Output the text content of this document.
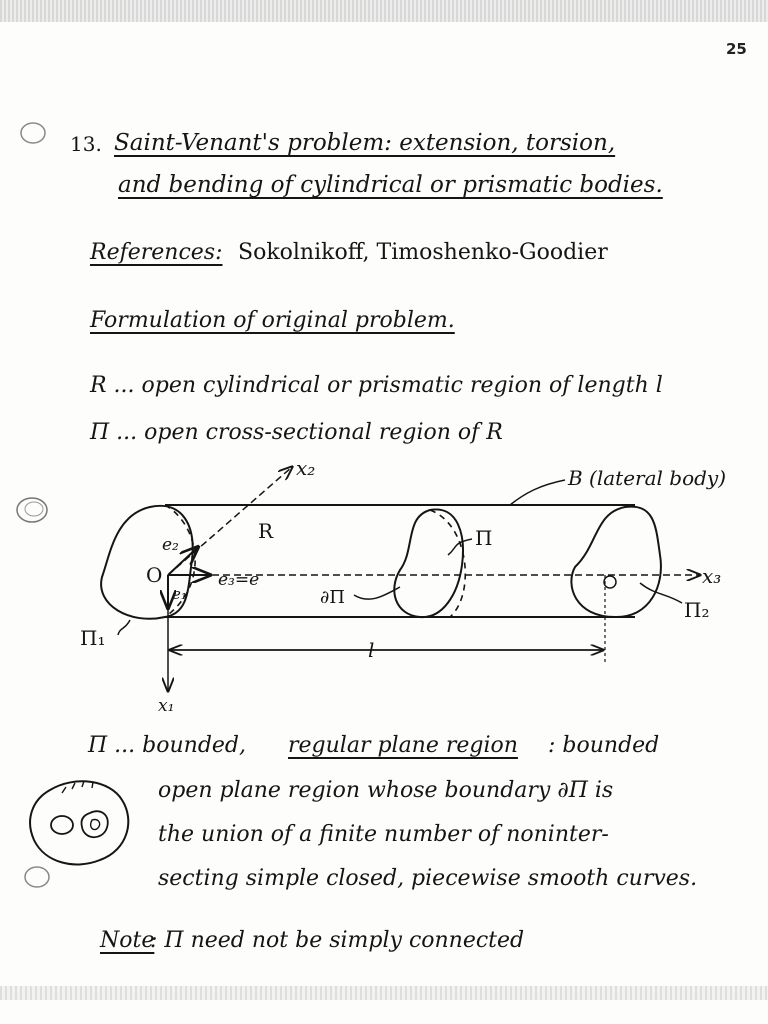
25
13. Saint-Venant's problem: extension, torsion,
and bending of cylindrical or prismatic bodies.
References: Sokolnikoff, Timoshenko-Goodier
Formulation of original problem.
R ... open cylindrical or prismatic region of length l
Π ... open cross-sectional region of R
x₂	B (lateral body)
R
e₂
O	e₃=e
e₁	∂Π
Π
x₃
Π₂
Π₁	l
x₁
Π ... bounded, regular plane region : bounded
open plane region whose boundary ∂Π is
the union of a finite number of noninter-
secting simple closed, piecewise smooth curves.
Note
: Π need not be simply connected
